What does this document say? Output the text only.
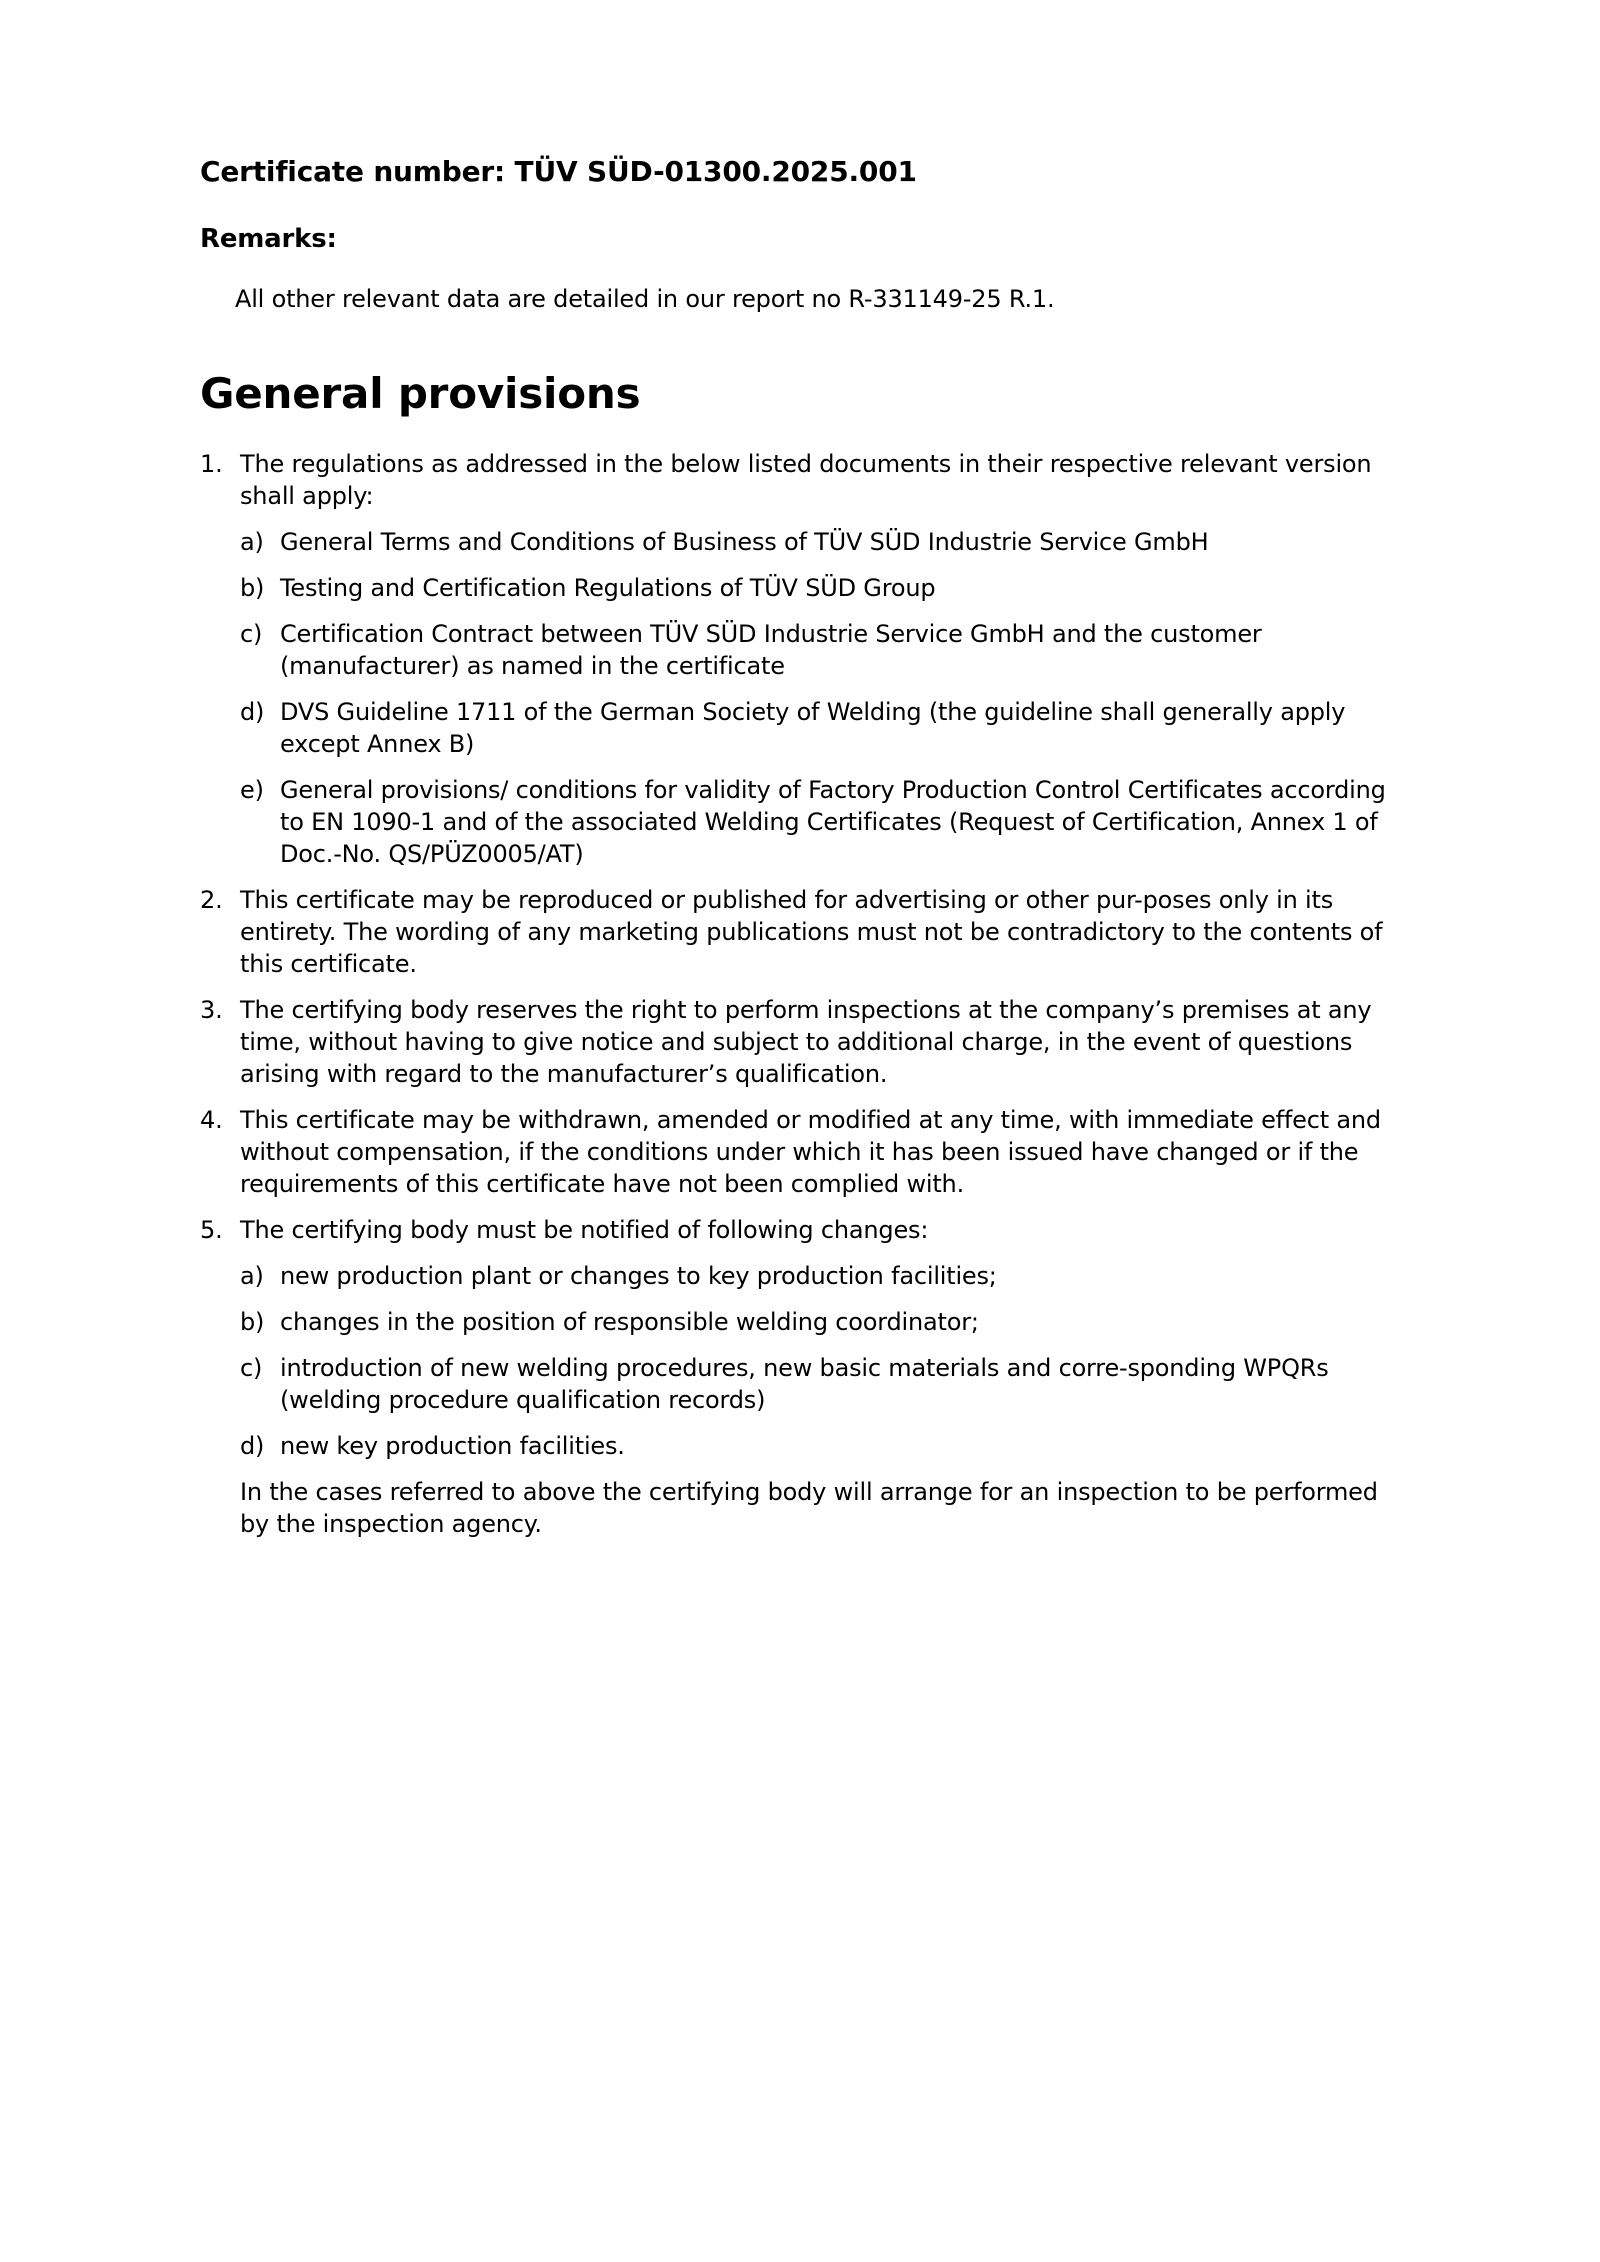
Certificate number: TÜV SÜD-01300.2025.001

Remarks:

All other relevant data are detailed in our report no R-331149-25 R.1.

General provisions
1. The regulations as addressed in the below listed documents in their respective relevant version shall apply:
a) General Terms and Conditions of Business of TÜV SÜD Industrie Service GmbH
b) Testing and Certification Regulations of TÜV SÜD Group
c) Certification Contract between TÜV SÜD Industrie Service GmbH and the customer (manufacturer) as named in the certificate
d) DVS Guideline 1711 of the German Society of Welding (the guideline shall generally apply except Annex B)
e) General provisions/ conditions for validity of Factory Production Control Certificates according to EN 1090-1 and of the associated Welding Certificates (Request of Certification, Annex 1 of Doc.-No. QS/PÜZ0005/AT)
2. This certificate may be reproduced or published for advertising or other pur-poses only in its entirety. The wording of any marketing publications must not be contradictory to the contents of this certificate.
3. The certifying body reserves the right to perform inspections at the company’s premises at any time, without having to give notice and subject to additional charge, in the event of questions arising with regard to the manufacturer’s qualification.
4. This certificate may be withdrawn, amended or modified at any time, with immediate effect and without compensation, if the conditions under which it has been issued have changed or if the requirements of this certificate have not been complied with.
5. The certifying body must be notified of following changes:
a) new production plant or changes to key production facilities;
b) changes in the position of responsible welding coordinator;
c) introduction of new welding procedures, new basic materials and corre-sponding WPQRs (welding procedure qualification records)
d) new key production facilities.
In the cases referred to above the certifying body will arrange for an inspection to be performed by the inspection agency.
